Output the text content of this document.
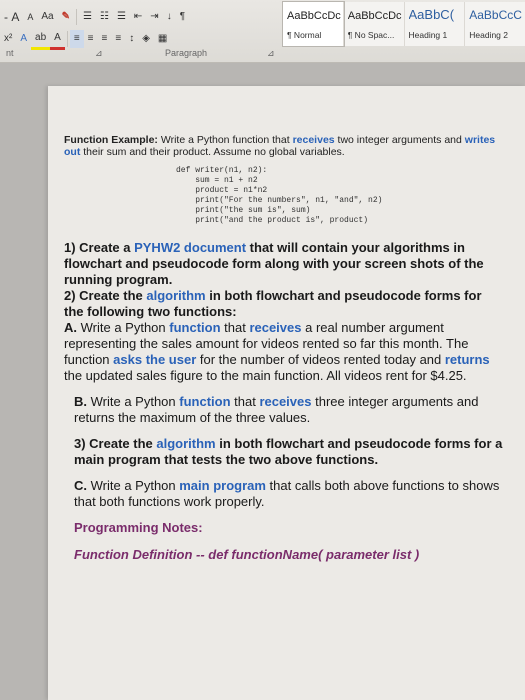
- A A Aa ✎	☰ ☷ ☰ ⇤ ⇥ ↓ ¶
x² A ab A	≡ ≡ ≡ ≡ ↕ ◈ ▦
nt	⊿	Paragraph	⊿
AaBbCcDc
¶ Normal
AaBbCcDc
¶ No Spac...
AaBbC(
Heading 1
AaBbCcC
Heading 2
Function Example: Write a Python function that receives two integer arguments and writes out their sum and their product. Assume no global variables.
def writer(n1, n2):
sum = n1 + n2
product = n1*n2
print("For the numbers", n1, "and", n2)
print("the sum is", sum)
print("and the product is", product)
1) Create a PYHW2 document that will contain your algorithms in flowchart and pseudocode form along with your screen shots of the running program.
2) Create the algorithm in both flowchart and pseudocode forms for the following two functions:
A. Write a Python function that receives a real number argument representing the sales amount for videos rented so far this month. The function asks the user for the number of videos rented today and returns the updated sales figure to the main function. All videos rent for $4.25.
B. Write a Python function that receives three integer arguments and returns the maximum of the three values.
3) Create the algorithm in both flowchart and pseudocode forms for a main program that tests the two above functions.
C. Write a Python main program that calls both above functions to shows that both functions work properly.
Programming Notes:
Function Definition -- def functionName( parameter list )
